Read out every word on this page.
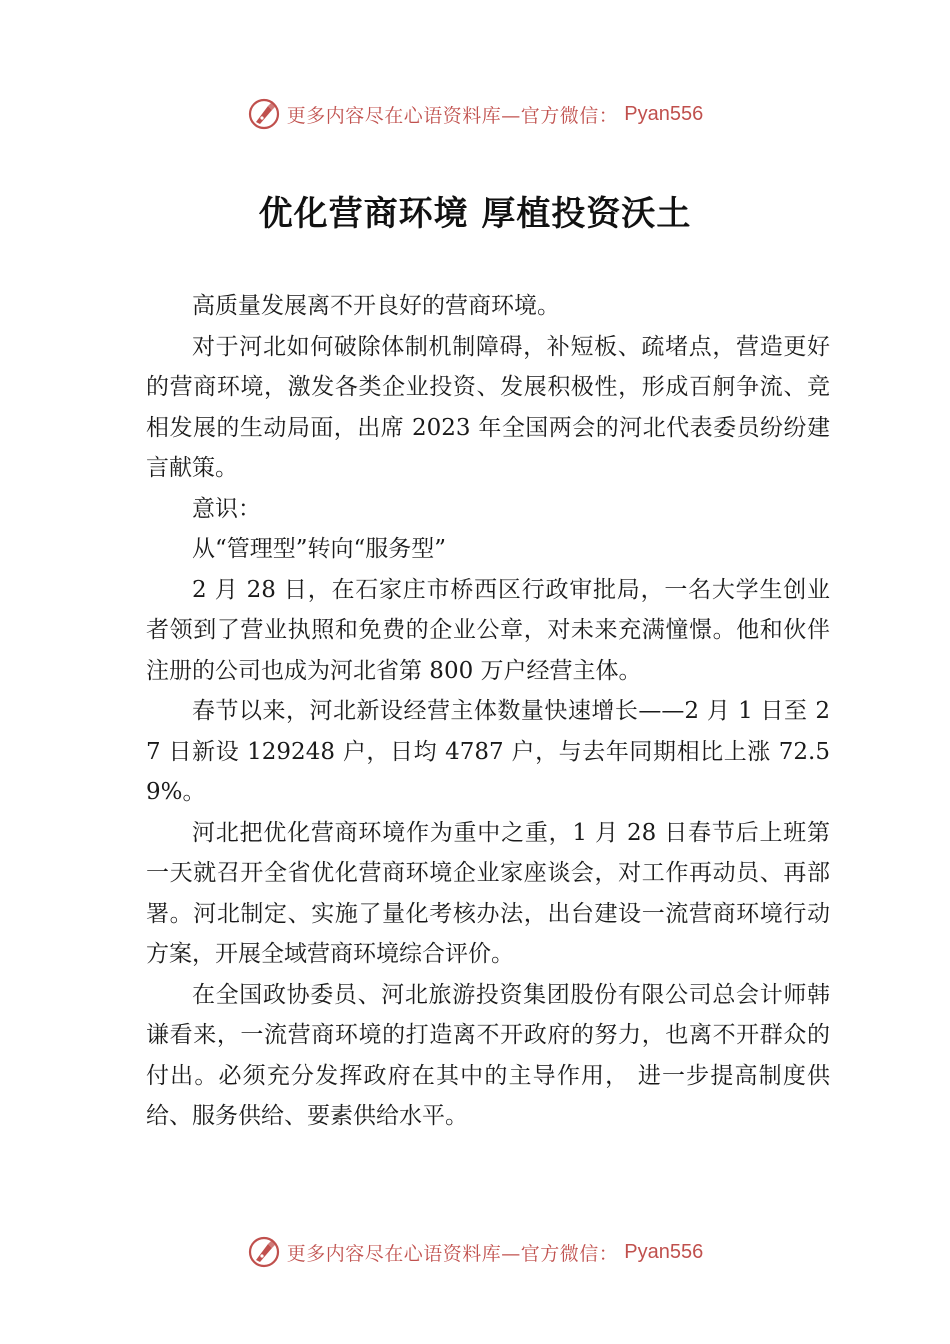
更多内容尽在心语资料库—官方微信： Pyan556
优化营商环境 厚植投资沃土

高质量发展离不开良好的营商环境。

对于河北如何破除体制机制障碍，补短板、疏堵点，营造更好的营商环境，激发各类企业投资、发展积极性，形成百舸争流、竞相发展的生动局面，出席 2023 年全国两会的河北代表委员纷纷建言献策。

意识：

从“管理型”转向“服务型”

2 月 28 日，在石家庄市桥西区行政审批局，一名大学生创业者领到了营业执照和免费的企业公章，对未来充满憧憬。他和伙伴注册的公司也成为河北省第 800 万户经营主体。

春节以来，河北新设经营主体数量快速增长——2 月 1 日至 27 日新设 129248 户，日均 4787 户，与去年同期相比上涨 72.59%。

河北把优化营商环境作为重中之重，1 月 28 日春节后上班第一天就召开全省优化营商环境企业家座谈会，对工作再动员、再部署。河北制定、实施了量化考核办法，出台建设一流营商环境行动方案，开展全域营商环境综合评价。

在全国政协委员、河北旅游投资集团股份有限公司总会计师韩谦看来，一流营商环境的打造离不开政府的努力，也离不开群众的付出。必须充分发挥政府在其中的主导作用， 进一步提高制度供给、服务供给、要素供给水平。

更多内容尽在心语资料库—官方微信： Pyan556
